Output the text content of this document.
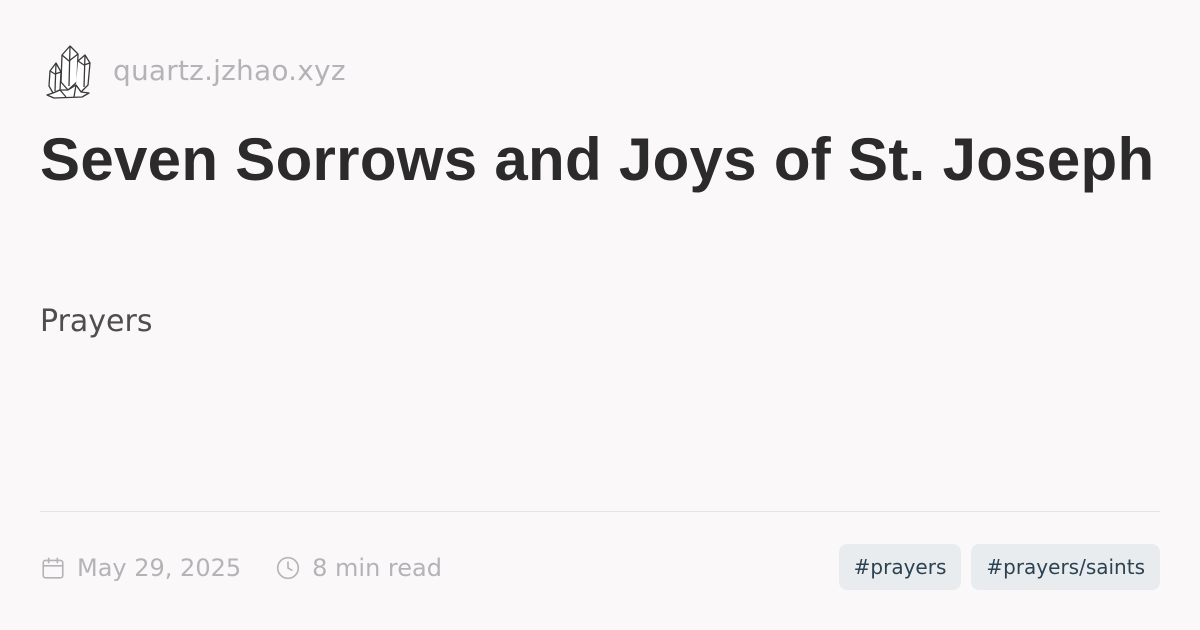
quartz.jzhao.xyz
Seven Sorrows and Joys of St. Joseph
Prayers
May 29, 2025	8 min read	#prayers	#prayers/saints
